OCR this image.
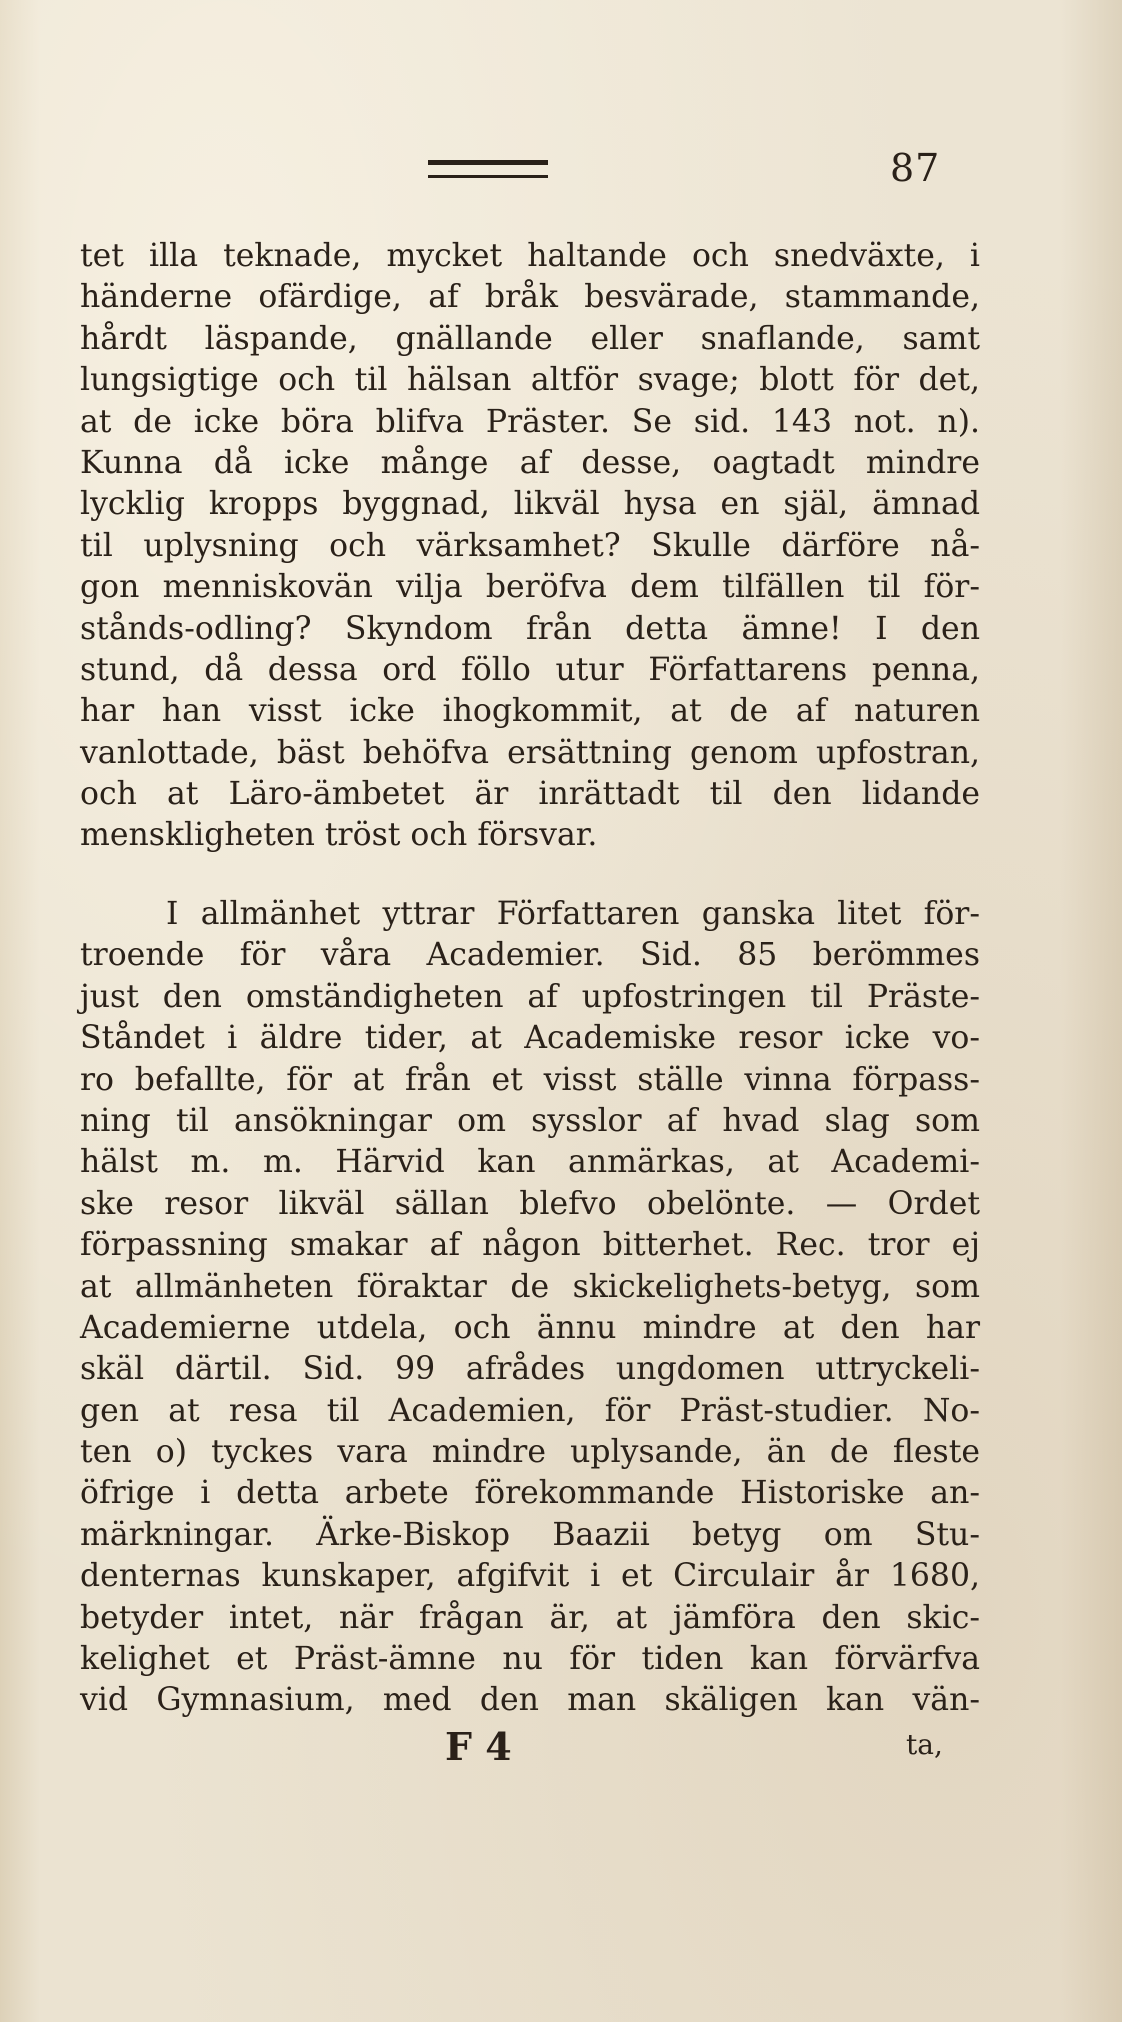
87
tet illa teknade, mycket haltande och snedväxte, i
händerne ofärdige, af bråk besvärade, stammande,
hårdt läspande, gnällande eller snaflande, samt
lungsigtige och til hälsan altför svage; blott för det,
at de icke böra blifva Präster. Se sid. 143 not. n).
Kunna då icke månge af desse, oagtadt mindre
lycklig kropps byggnad, likväl hysa en själ, ämnad
til uplysning och värksamhet? Skulle därföre nå-
gon menniskovän vilja beröfva dem tilfällen til för-
stånds-odling? Skyndom från detta ämne! I den
stund, då dessa ord föllo utur Författarens penna,
har han visst icke ihogkommit, at de af naturen
vanlottade, bäst behöfva ersättning genom upfostran,
och at Läro-ämbetet är inrättadt til den lidande
menskligheten tröst och försvar.
I allmänhet yttrar Författaren ganska litet för-
troende för våra Academier. Sid. 85 berömmes
just den omständigheten af upfostringen til Präste-
Ståndet i äldre tider, at Academiske resor icke vo-
ro befallte, för at från et visst ställe vinna förpass-
ning til ansökningar om sysslor af hvad slag som
hälst m. m. Härvid kan anmärkas, at Academi-
ske resor likväl sällan blefvo obelönte. — Ordet
förpassning smakar af någon bitterhet. Rec. tror ej
at allmänheten föraktar de skickelighets-betyg, som
Academierne utdela, och ännu mindre at den har
skäl därtil. Sid. 99 afrådes ungdomen uttryckeli-
gen at resa til Academien, för Präst-studier. No-
ten o) tyckes vara mindre uplysande, än de fleste
öfrige i detta arbete förekommande Historiske an-
märkningar. Ärke-Biskop Baazii betyg om Stu-
denternas kunskaper, afgifvit i et Circulair år 1680,
betyder intet, när frågan är, at jämföra den skic-
kelighet et Präst-ämne nu för tiden kan förvärfva
vid Gymnasium, med den man skäligen kan vän-
F 4	ta,
